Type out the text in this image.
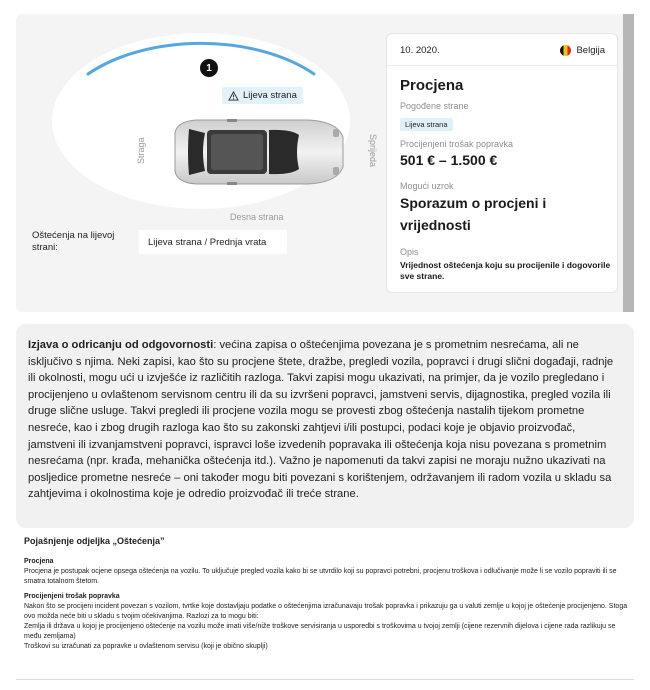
1
Lijeva strana
Straga	Sprijeda
Desna strana
Oštećenja na lijevoj strani:	Lijeva strana / Prednja vrata
10. 2020.	Belgija
Procjena
Pogođene strane
Lijeva strana
Procijenjeni trošak popravka
501 € – 1.500 €
Mogući uzrok
Sporazum o procjeni i vrijednosti
Opis
Vrijednost oštećenja koju su procijenile i dogovorile sve strane.
Izjava o odricanju od odgovornosti: većina zapisa o oštećenjima povezana je s prometnim nesrećama, ali ne isključivo s njima. Neki zapisi, kao što su procjene štete, dražbe, pregledi vozila, popravci i drugi slični događaji, radnje ili okolnosti, mogu ući u izvješće iz različitih razloga. Takvi zapisi mogu ukazivati, na primjer, da je vozilo pregledano i procijenjeno u ovlaštenom servisnom centru ili da su izvršeni popravci, jamstveni servis, dijagnostika, pregled vozila ili druge slične usluge. Takvi pregledi ili procjene vozila mogu se provesti zbog oštećenja nastalih tijekom prometne nesreće, kao i zbog drugih razloga kao što su zakonski zahtjevi i/ili postupci, podaci koje je objavio proizvođač, jamstveni ili izvanjamstveni popravci, ispravci loše izvedenih popravaka ili oštećenja koja nisu povezana s prometnim nesrećama (npr. krađa, mehanička oštećenja itd.). Važno je napomenuti da takvi zapisi ne moraju nužno ukazivati na posljedice prometne nesreće – oni također mogu biti povezani s korištenjem, održavanjem ili radom vozila u skladu sa zahtjevima i okolnostima koje je odredio proizvođač ili treće strane.
Pojašnjenje odjeljka „Oštećenja”
Procjena
Procjena je postupak ocjene opsega oštećenja na vozilu. To uključuje pregled vozila kako bi se utvrdilo koji su popravci potrebni, procjenu troškova i odlučivanje može li se vozilo popraviti ili se smatra totalnom štetom.
Procijenjeni trošak popravka
Nakon što se procijeni incident povezan s vozilom, tvrtke koje dostavljaju podatke o oštećenjima izračunavaju trošak popravka i prikazuju ga u valuti zemlje u kojoj je oštećenje procijenjeno. Stoga ovo možda neće biti u skladu s tvojim očekivanjima. Razlozi za to mogu biti:
Zemlja ili država u kojoj je procijenjeno oštećenje na vozilu može imati više/niže troškove servisiranja u usporedbi s troškovima u tvojoj zemlji (cijene rezervnih dijelova i cijene rada razlikuju se među zemljama)
Troškovi su izračunati za popravke u ovlaštenom servisu (koji je obično skuplji)
